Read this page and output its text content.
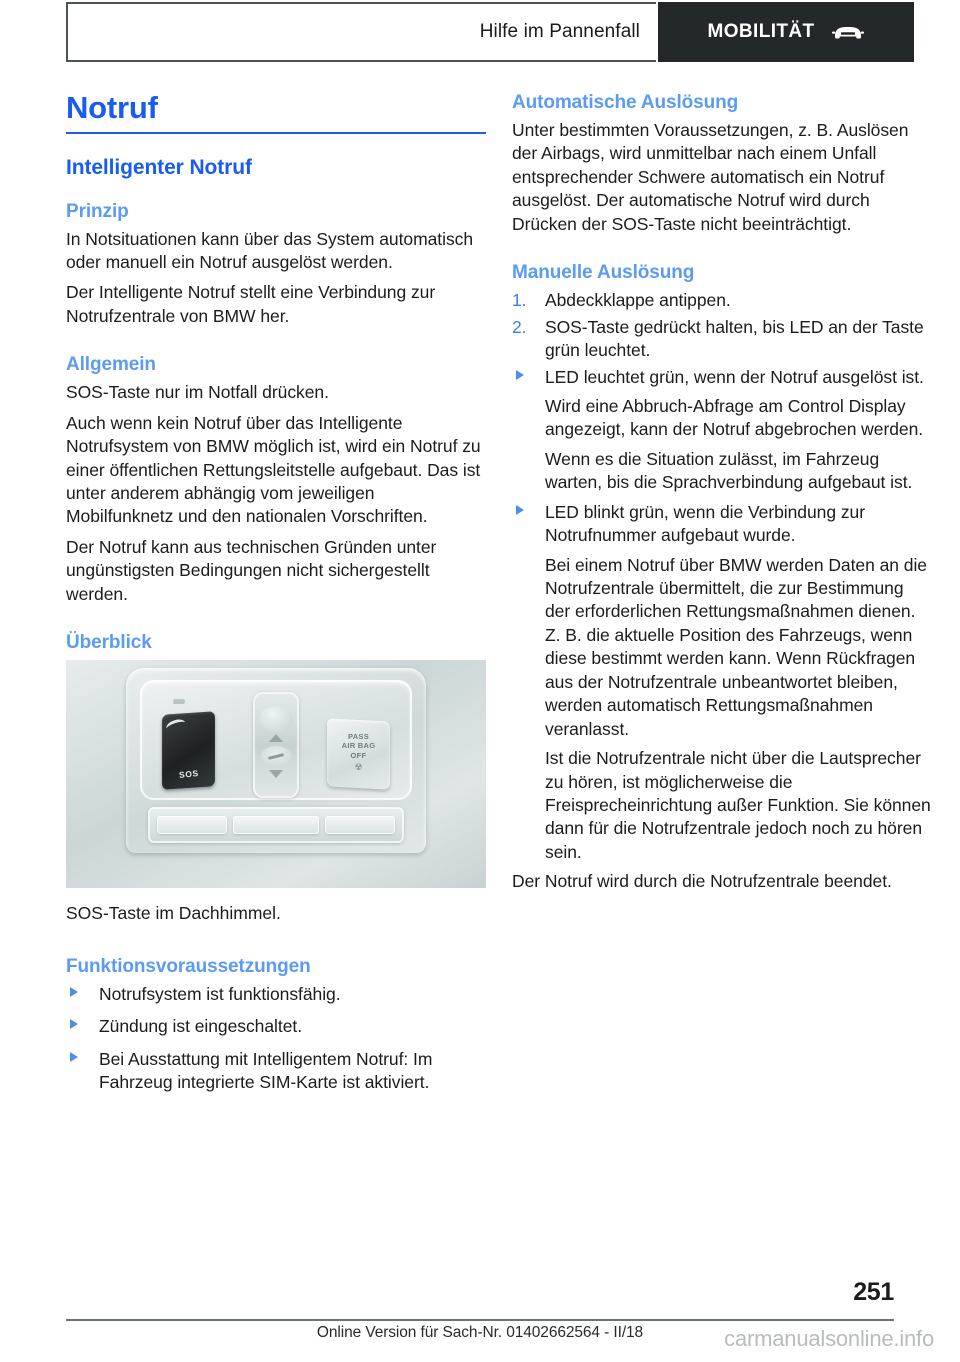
Hilfe im Pannenfall	MOBILITÄT
Notruf
Intelligenter Notruf
Prinzip

In Notsituationen kann über das System automatisch oder manuell ein Notruf ausgelöst werden.

Der Intelligente Notruf stellt eine Verbindung zur Notrufzentrale von BMW her.

Allgemein

SOS-Taste nur im Notfall drücken.

Auch wenn kein Notruf über das Intelligente Notrufsystem von BMW möglich ist, wird ein Notruf zu einer öffentlichen Rettungsleitstelle aufgebaut. Das ist unter anderem abhängig vom jeweiligen Mobilfunknetz und den nationalen Vorschriften.

Der Notruf kann aus technischen Gründen unter ungünstigsten Bedingungen nicht sichergestellt werden.

Überblick
SOS
PASS
AIR BAG
OFF
☢
SOS-Taste im Dachhimmel.
Funktionsvoraussetzungen
Notrufsystem ist funktionsfähig.
Zündung ist eingeschaltet.
Bei Ausstattung mit Intelligentem Notruf: Im Fahrzeug integrierte SIM-Karte ist aktiviert.
Automatische Auslösung

Unter bestimmten Voraussetzungen, z. B. Auslösen der Airbags, wird unmittelbar nach einem Unfall entsprechender Schwere automatisch ein Notruf ausgelöst. Der automatische Notruf wird durch Drücken der SOS-Taste nicht beeinträchtigt.

Manuelle Auslösung
1. Abdeckklappe antippen.
2. SOS-Taste gedrückt halten, bis LED an der Taste grün leuchtet.
LED leuchtet grün, wenn der Notruf ausgelöst ist.
Wird eine Abbruch-Abfrage am Control Display angezeigt, kann der Notruf abgebrochen werden.
Wenn es die Situation zulässt, im Fahrzeug warten, bis die Sprachverbindung aufgebaut ist.
LED blinkt grün, wenn die Verbindung zur Notrufnummer aufgebaut wurde.
Bei einem Notruf über BMW werden Daten an die Notrufzentrale übermittelt, die zur Bestimmung der erforderlichen Rettungsmaßnahmen dienen. Z. B. die aktuelle Position des Fahrzeugs, wenn diese bestimmt werden kann. Wenn Rückfragen aus der Notrufzentrale unbeantwortet bleiben, werden automatisch Rettungsmaßnahmen veranlasst.
Ist die Notrufzentrale nicht über die Lautsprecher zu hören, ist möglicherweise die Freisprecheinrichtung außer Funktion. Sie können dann für die Notrufzentrale jedoch noch zu hören sein.

Der Notruf wird durch die Notrufzentrale beendet.

251
Online Version für Sach-Nr. 01402662564 - II/18	carmanualsonline.info
